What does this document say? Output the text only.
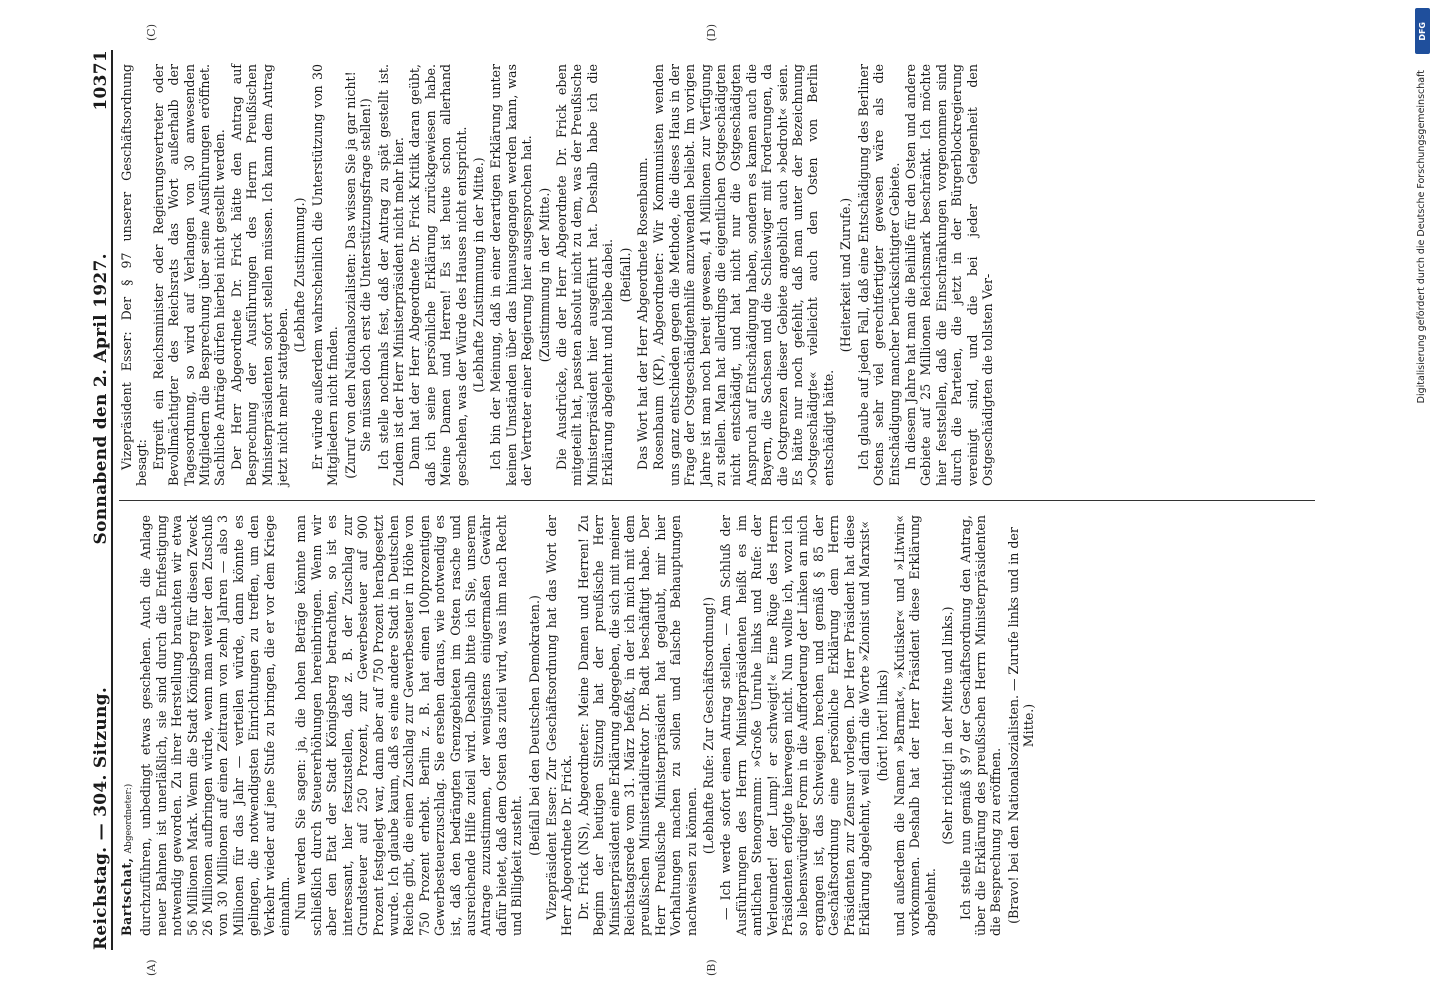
Reichstag. — 304. Sitzung.
Sonnabend den 2. April 1927.
10371
Bartschat, Abgeordneter:) durchzuführen, unbedingt etwas geschehen. Auch die Anlage neuer Bahnen ist unerläßlich, sie sind durch die Entfestigung notwendig geworden. Zu ihrer Herstellung brauchten wir etwa 56 Millionen Mark. Wenn die Stadt Königsberg für diesen Zweck 26 Millionen aufbringen würde, wenn man weiter den Zuschuß von 30 Millionen auf einen Zeitraum von zehn Jahren — also 3 Millionen für das Jahr — verteilen würde, dann könnte es gelingen, die notwendigsten Einrichtungen zu treffen, um den Verkehr wieder auf jene Stufe zu bringen, die er vor dem Kriege einnahm. Nun werden Sie sagen: ja, die hohen Beträge könnte man schließlich durch Steuererhöhungen hereinbringen. Wenn wir aber den Etat der Stadt Königsberg betrachten, so ist es interessant, hier festzustellen, daß z. B. der Zuschlag zur Grundsteuer auf 250 Prozent, zur Gewerbesteuer auf 900 Prozent festgelegt war, dann aber auf 750 Prozent herabgesetzt wurde. Ich glaube kaum, daß es eine andere Stadt in Deutschen Reiche gibt, die einen Zuschlag zur Gewerbesteuer in Höhe von 750 Prozent erhebt. Berlin z. B. hat einen 100prozentigen Gewerbesteuerzuschlag. Sie ersehen daraus, wie notwendig es ist, daß den bedrängten Grenzgebieten im Osten rasche und ausreichende Hilfe zuteil wird. Deshalb bitte ich Sie, unserem Antrage zuzustimmen, der wenigstens einigermaßen Gewähr dafür bietet, daß dem Osten das zuteil wird, was ihm nach Recht und Billigkeit zusteht.
(Beifall bei den Deutschen Demokraten.) Vizepräsident Esser: Zur Geschäftsordnung hat das Wort der Herr Abgeordnete Dr. Frick. Dr. Frick (NS), Abgeordneter: Meine Damen und Herren! Zu Beginn der heutigen Sitzung hat der preußische Herr Ministerpräsident eine Erklärung abgegeben, die sich mit meiner Reichstagsrede vom 31. März befaßt, in der ich mich mit dem preußischen Ministerialdirektor Dr. Badt beschäftigt habe. Der Herr Preußische Ministerpräsident hat geglaubt, mir hier Vorhaltungen machen zu sollen und falsche Behauptungen nachweisen zu können.
(Lebhafte Rufe: Zur Geschäftsordnung!) — Ich werde sofort einen Antrag stellen. — Am Schluß der Ausführungen des Herrn Ministerpräsidenten heißt es im amtlichen Stenogramm: »Große Unruhe links und Rufe: der Verleumder! der Lump! er schweigt!« Eine Rüge des Herrn Präsidenten erfolgte hierwegen nicht. Nun wollte ich, wozu ich so liebenswürdiger Form in die Aufforderung der Linken an mich ergangen ist, das Schweigen brechen und gemäß § 85 der Geschäftsordnung eine persönliche Erklärung dem Herrn Präsidenten zur Zensur vorlegen. Der Herr Präsident hat diese Erklärung abgelehnt, weil darin die Worte »Zionist und Marxist« (hört! hört! links) und außerdem die Namen »Barmat«, »Kutisker« und »Litwin« vorkommen. Deshalb hat der Herr Präsident diese Erklärung abgelehnt.
(Sehr richtig! in der Mitte und links.) Ich stelle nun gemäß § 97 der Geschäftsordnung den Antrag, über die Erklärung des preußischen Herrn Ministerpräsidenten die Besprechung zu eröffnen. (Bravo! bei den Nationalsozialisten. — Zurufe links und in der Mitte.)
Vizepräsident Esser: Der § 97 unserer Geschäftsordnung besagt: Ergreift ein Reichsminister oder Regierungsvertreter oder Bevollmächtigter des Reichsrats das Wort außerhalb der Tagesordnung, so wird auf Verlangen von 30 anwesenden Mitgliedern die Besprechung über seine Ausführungen eröffnet. Sachliche Anträge dürfen hierbei nicht gestellt werden. Der Herr Abgeordnete Dr. Frick hätte den Antrag auf Besprechung der Ausführungen des Herrn Preußischen Ministerpräsidenten sofort stellen müssen. Ich kann dem Antrag jetzt nicht mehr stattgeben.
(Lebhafte Zustimmung.) Er würde außerdem wahrscheinlich die Unterstützung von 30 Mitgliedern nicht finden. (Zuruf von den Nationalsozialisten: Das wissen Sie ja gar nicht! Sie müssen doch erst die Unterstützungsfrage stellen!) Ich stelle nochmals fest, daß der Antrag zu spät gestellt ist. Zudem ist der Herr Ministerpräsident nicht mehr hier. Dann hat der Herr Abgeordnete Dr. Frick Kritik daran geübt, daß ich seine persönliche Erklärung zurückgewiesen habe. Meine Damen und Herren! Es ist heute schon allerhand geschehen, was der Würde des Hauses nicht entspricht. (Lebhafte Zustimmung in der Mitte.) Ich bin der Meinung, daß in einer derartigen Erklärung unter keinen Umständen über das hinausgegangen werden kann, was der Vertreter einer Regierung hier ausgesprochen hat. (Zustimmung in der Mitte.) Die Ausdrücke, die der Herr Abgeordnete Dr. Frick eben mitgeteilt hat, passten absolut nicht zu dem, was der Preußische Ministerpräsident hier ausgeführt hat. Deshalb habe ich die Erklärung abgelehnt und bleibe dabei. (Beifall.) Das Wort hat der Herr Abgeordnete Rosenbaum. Rosenbaum (KP), Abgeordneter: Wir Kommunisten wenden uns ganz entschieden gegen die Methode, die dieses Haus in der Frage der Ostgeschädigtenhilfe anzuwenden beliebt. Im vorigen Jahre ist man noch bereit gewesen, 41 Millionen zur Verfügung zu stellen. Man hat allerdings die eigentlichen Ostgeschädigten nicht entschädigt, und hat nicht nur die Ostgeschädigten Anspruch auf Entschädigung haben, sondern es kamen auch die Bayern, die Sachsen und die Schleswiger mit Forderungen, da die Ostgrenzen dieser Gebiete angeblich auch »bedroht« seien. Es hätte nur noch gefehlt, daß man unter der Bezeichnung »Ostgeschädigte« vielleicht auch den Osten von Berlin entschädigt hätte.
(Heiterkeit und Zurufe.) Ich glaube auf jeden Fall, daß eine Entschädigung des Berliner Ostens sehr viel gerechtfertigter gewesen wäre als die Entschädigung mancher berücksichtigter Gebiete. In diesem Jahre hat man die Beihilfe für den Osten und andere Gebiete auf 25 Millionen Reichsmark beschränkt. Ich möchte hier feststellen, daß die Einschränkungen vorgenommen sind durch die Parteien, die jetzt in der Bürgerblockregierung vereinigt sind, und die bei jeder Gelegenheit den Ostgeschädigten die tollsten Ver-
(A)	(B)
(C)	(D)	DFG
Digitalisierung gefördert durch die Deutsche Forschungsgemeinschaft
